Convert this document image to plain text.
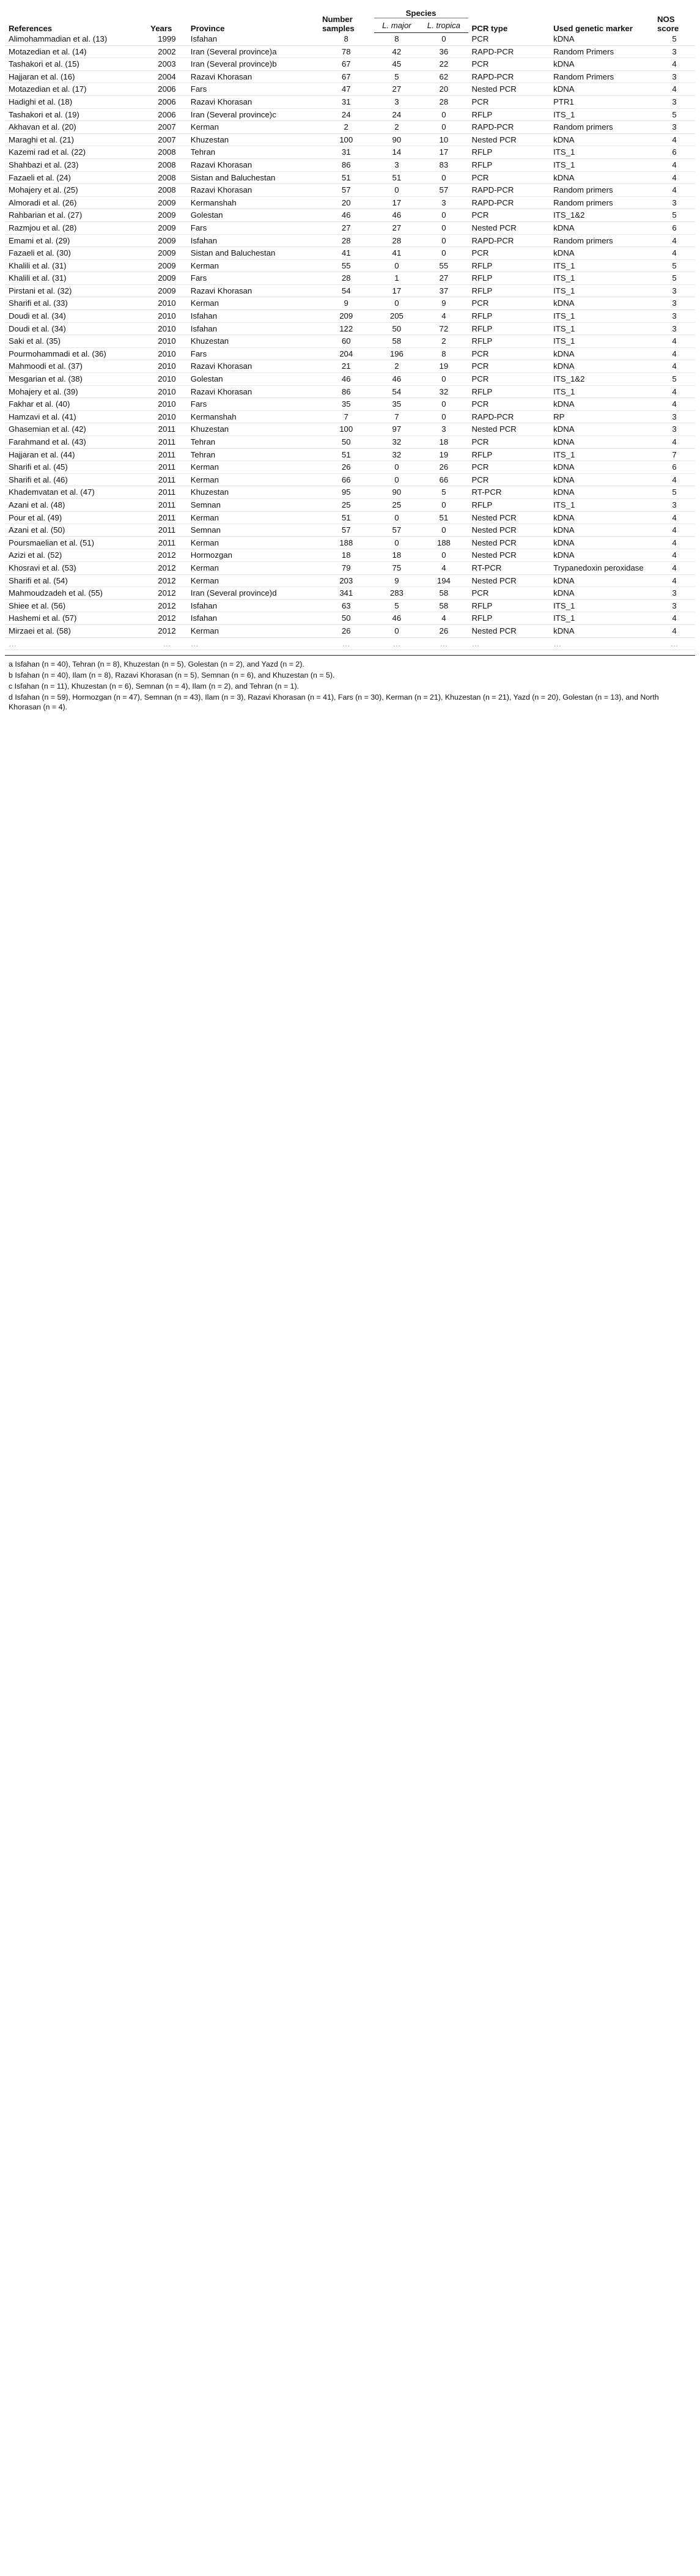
References	Years	Province	Number samples	Species		PCR type	Used genetic marker	NOS score
				L. major	L. tropica			
Alimohammadian et al. (13)	1999	Isfahan	8	8	0	PCR	kDNA	5
Motazedian et al. (14)	2002	Iran (Several province)a	78	42	36	RAPD-PCR	Random Primers	3
Tashakori et al. (15)	2003	Iran (Several province)b	67	45	22	PCR	kDNA	4
Hajjaran et al. (16)	2004	Razavi Khorasan	67	5	62	RAPD-PCR	Random Primers	3
Motazedian et al. (17)	2006	Fars	47	27	20	Nested PCR	kDNA	4
Hadighi et al. (18)	2006	Razavi Khorasan	31	3	28	PCR	PTR1	3
Tashakori et al. (19)	2006	Iran (Several province)c	24	24	0	RFLP	ITS_1	5
Akhavan et al. (20)	2007	Kerman	2	2	0	RAPD-PCR	Random primers	3
Maraghi et al. (21)	2007	Khuzestan	100	90	10	Nested PCR	kDNA	4
Kazemi rad et al. (22)	2008	Tehran	31	14	17	RFLP	ITS_1	6
Shahbazi et al. (23)	2008	Razavi Khorasan	86	3	83	RFLP	ITS_1	4
Fazaeli et al. (24)	2008	Sistan and Baluchestan	51	51	0	PCR	kDNA	4
Mohajery et al. (25)	2008	Razavi Khorasan	57	0	57	RAPD-PCR	Random primers	4
Almoradi et al. (26)	2009	Kermanshah	20	17	3	RAPD-PCR	Random primers	3
Rahbarian et al. (27)	2009	Golestan	46	46	0	PCR	ITS_1&2	5
Razmjou et al. (28)	2009	Fars	27	27	0	Nested PCR	kDNA	6
Emami et al. (29)	2009	Isfahan	28	28	0	RAPD-PCR	Random primers	4
Fazaeli et al. (30)	2009	Sistan and Baluchestan	41	41	0	PCR	kDNA	4
Khalili et al. (31)	2009	Kerman	55	0	55	RFLP	ITS_1	5
Khalili et al. (31)	2009	Fars	28	1	27	RFLP	ITS_1	5
Pirstani et al. (32)	2009	Razavi Khorasan	54	17	37	RFLP	ITS_1	3
Sharifi et al. (33)	2010	Kerman	9	0	9	PCR	kDNA	3
Doudi et al. (34)	2010	Isfahan	209	205	4	RFLP	ITS_1	3
Doudi et al. (34)	2010	Isfahan	122	50	72	RFLP	ITS_1	3
Saki et al. (35)	2010	Khuzestan	60	58	2	RFLP	ITS_1	4
Pourmohammadi et al. (36)	2010	Fars	204	196	8	PCR	kDNA	4
Mahmoodi et al. (37)	2010	Razavi Khorasan	21	2	19	PCR	kDNA	4
Mesgarian et al. (38)	2010	Golestan	46	46	0	PCR	ITS_1&2	5
Mohajery et al. (39)	2010	Razavi Khorasan	86	54	32	RFLP	ITS_1	4
Fakhar et al. (40)	2010	Fars	35	35	0	PCR	kDNA	4
Hamzavi et al. (41)	2010	Kermanshah	7	7	0	RAPD-PCR	RP	3
Ghasemian et al. (42)	2011	Khuzestan	100	97	3	Nested PCR	kDNA	3
Farahmand et al. (43)	2011	Tehran	50	32	18	PCR	kDNA	4
Hajjaran et al. (44)	2011	Tehran	51	32	19	RFLP	ITS_1	7
Sharifi et al. (45)	2011	Kerman	26	0	26	PCR	kDNA	6
Sharifi et al. (46)	2011	Kerman	66	0	66	PCR	kDNA	4
Khademvatan et al. (47)	2011	Khuzestan	95	90	5	RT-PCR	kDNA	5
Azani et al. (48)	2011	Semnan	25	25	0	RFLP	ITS_1	3
Pour et al. (49)	2011	Kerman	51	0	51	Nested PCR	kDNA	4
Azani et al. (50)	2011	Semnan	57	57	0	Nested PCR	kDNA	4
Poursmaelian et al. (51)	2011	Kerman	188	0	188	Nested PCR	kDNA	4
Azizi et al. (52)	2012	Hormozgan	18	18	0	Nested PCR	kDNA	4
Khosravi et al. (53)	2012	Kerman	79	75	4	RT-PCR	Trypanedoxin peroxidase	4
Sharifi et al. (54)	2012	Kerman	203	9	194	Nested PCR	kDNA	4
Mahmoudzadeh et al. (55)	2012	Iran (Several province)d	341	283	58	PCR	kDNA	3
Shiee et al. (56)	2012	Isfahan	63	5	58	RFLP	ITS_1	3
Hashemi et al. (57)	2012	Isfahan	50	46	4	RFLP	ITS_1	4
Mirzaei et al. (58)	2012	Kerman	26	0	26	Nested PCR	kDNA	4
…	…	…	…	…	…	…	…	…

a Isfahan (n = 40), Tehran (n = 8), Khuzestan (n = 5), Golestan (n = 2), and Yazd (n = 2).

b Isfahan (n = 40), Ilam (n = 8), Razavi Khorasan (n = 5), Semnan (n = 6), and Khuzestan (n = 5).

c Isfahan (n = 11), Khuzestan (n = 6), Semnan (n = 4), Ilam (n = 2), and Tehran (n = 1).

d Isfahan (n = 59), Hormozgan (n = 47), Semnan (n = 43), Ilam (n = 3), Razavi Khorasan (n = 41), Fars (n = 30), Kerman (n = 21), Khuzestan (n = 21), Yazd (n = 20), Golestan (n = 13), and North Khorasan (n = 4).
